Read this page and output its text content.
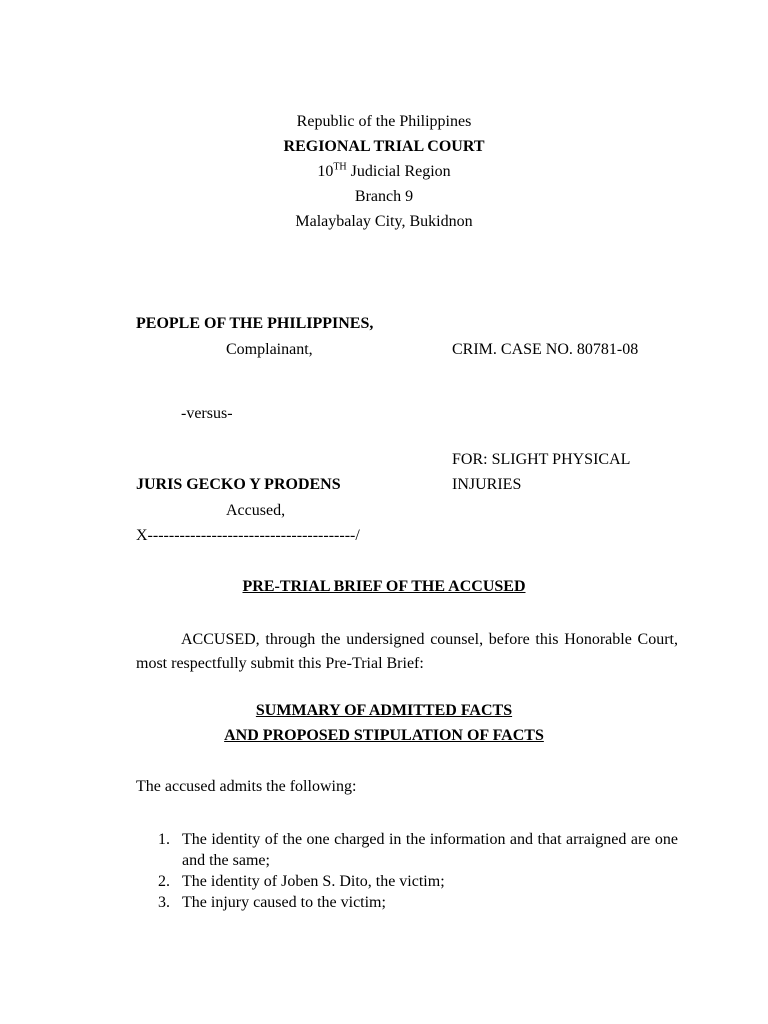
Republic of the Philippines
REGIONAL TRIAL COURT
10TH Judicial Region
Branch 9
Malaybalay City, Bukidnon
PEOPLE OF THE PHILIPPINES,
Complainant,	CRIM. CASE NO. 80781-08
-versus-
FOR: SLIGHT PHYSICAL
JURIS GECKO Y PRODENS	INJURIES
Accused,
X---------------------------------------/
PRE-TRIAL BRIEF OF THE ACCUSED
ACCUSED, through the undersigned counsel, before this Honorable Court, most respectfully submit this Pre-Trial Brief:
SUMMARY OF ADMITTED FACTS
AND PROPOSED STIPULATION OF FACTS
The accused admits the following:
1. The identity of the one charged in the information and that arraigned are one and the same;
2. The identity of Joben S. Dito, the victim;
3. The injury caused to the victim;
